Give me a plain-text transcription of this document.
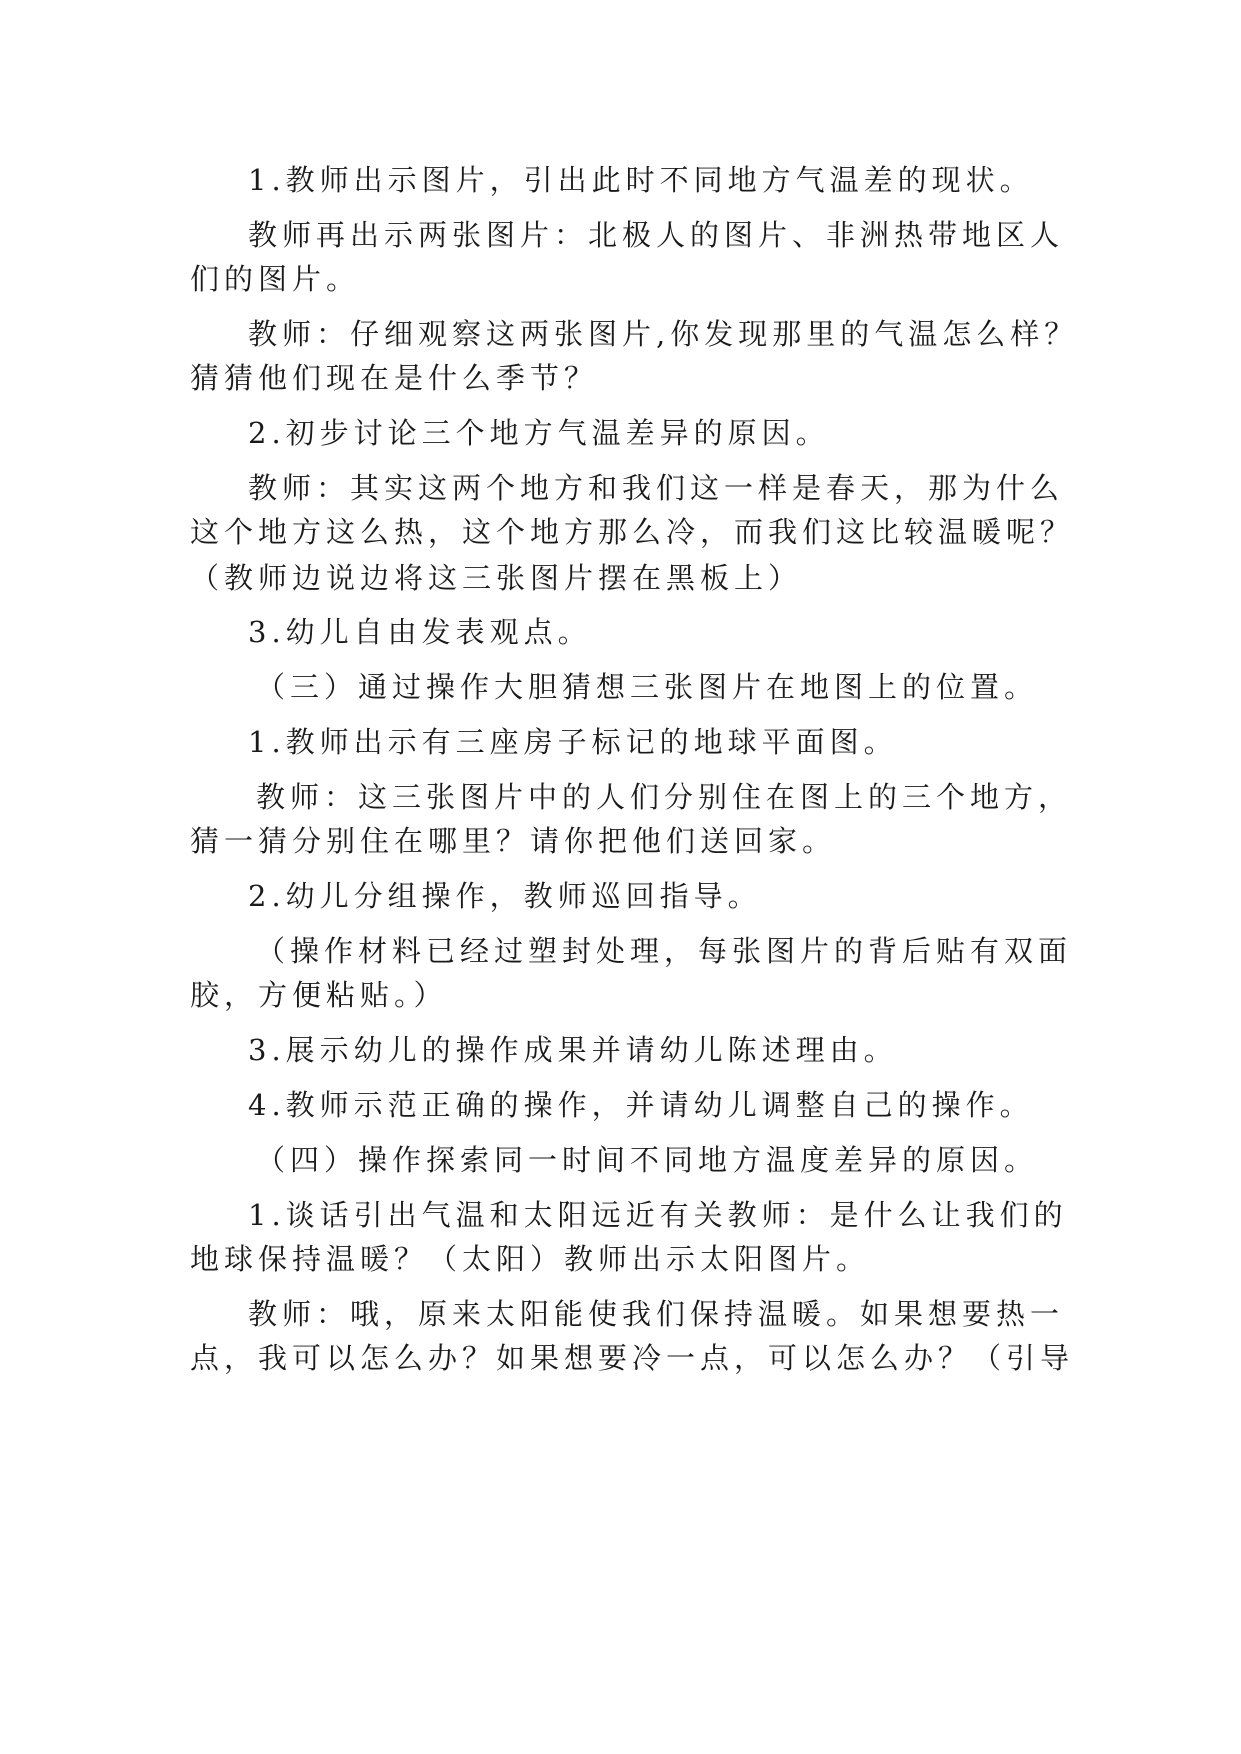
1.教师出示图片，引出此时不同地方气温差的现状。
教师再出示两张图片：北极人的图片、非洲热带地区人
们的图片。
教师：仔细观察这两张图片,你发现那里的气温怎么样？
猜猜他们现在是什么季节？
2.初步讨论三个地方气温差异的原因。
教师：其实这两个地方和我们这一样是春天，那为什么
这个地方这么热，这个地方那么冷，而我们这比较温暖呢？
（教师边说边将这三张图片摆在黑板上）
3.幼儿自由发表观点。
（三）通过操作大胆猜想三张图片在地图上的位置。
1.教师出示有三座房子标记的地球平面图。
教师：这三张图片中的人们分别住在图上的三个地方，
猜一猜分别住在哪里？请你把他们送回家。
2.幼儿分组操作，教师巡回指导。
（操作材料已经过塑封处理，每张图片的背后贴有双面
胶，方便粘贴。）
3.展示幼儿的操作成果并请幼儿陈述理由。
4.教师示范正确的操作，并请幼儿调整自己的操作。
（四）操作探索同一时间不同地方温度差异的原因。
1.谈话引出气温和太阳远近有关教师：是什么让我们的
地球保持温暖？（太阳）教师出示太阳图片。
教师：哦，原来太阳能使我们保持温暖。如果想要热一
点，我可以怎么办？如果想要冷一点，可以怎么办？（引导
